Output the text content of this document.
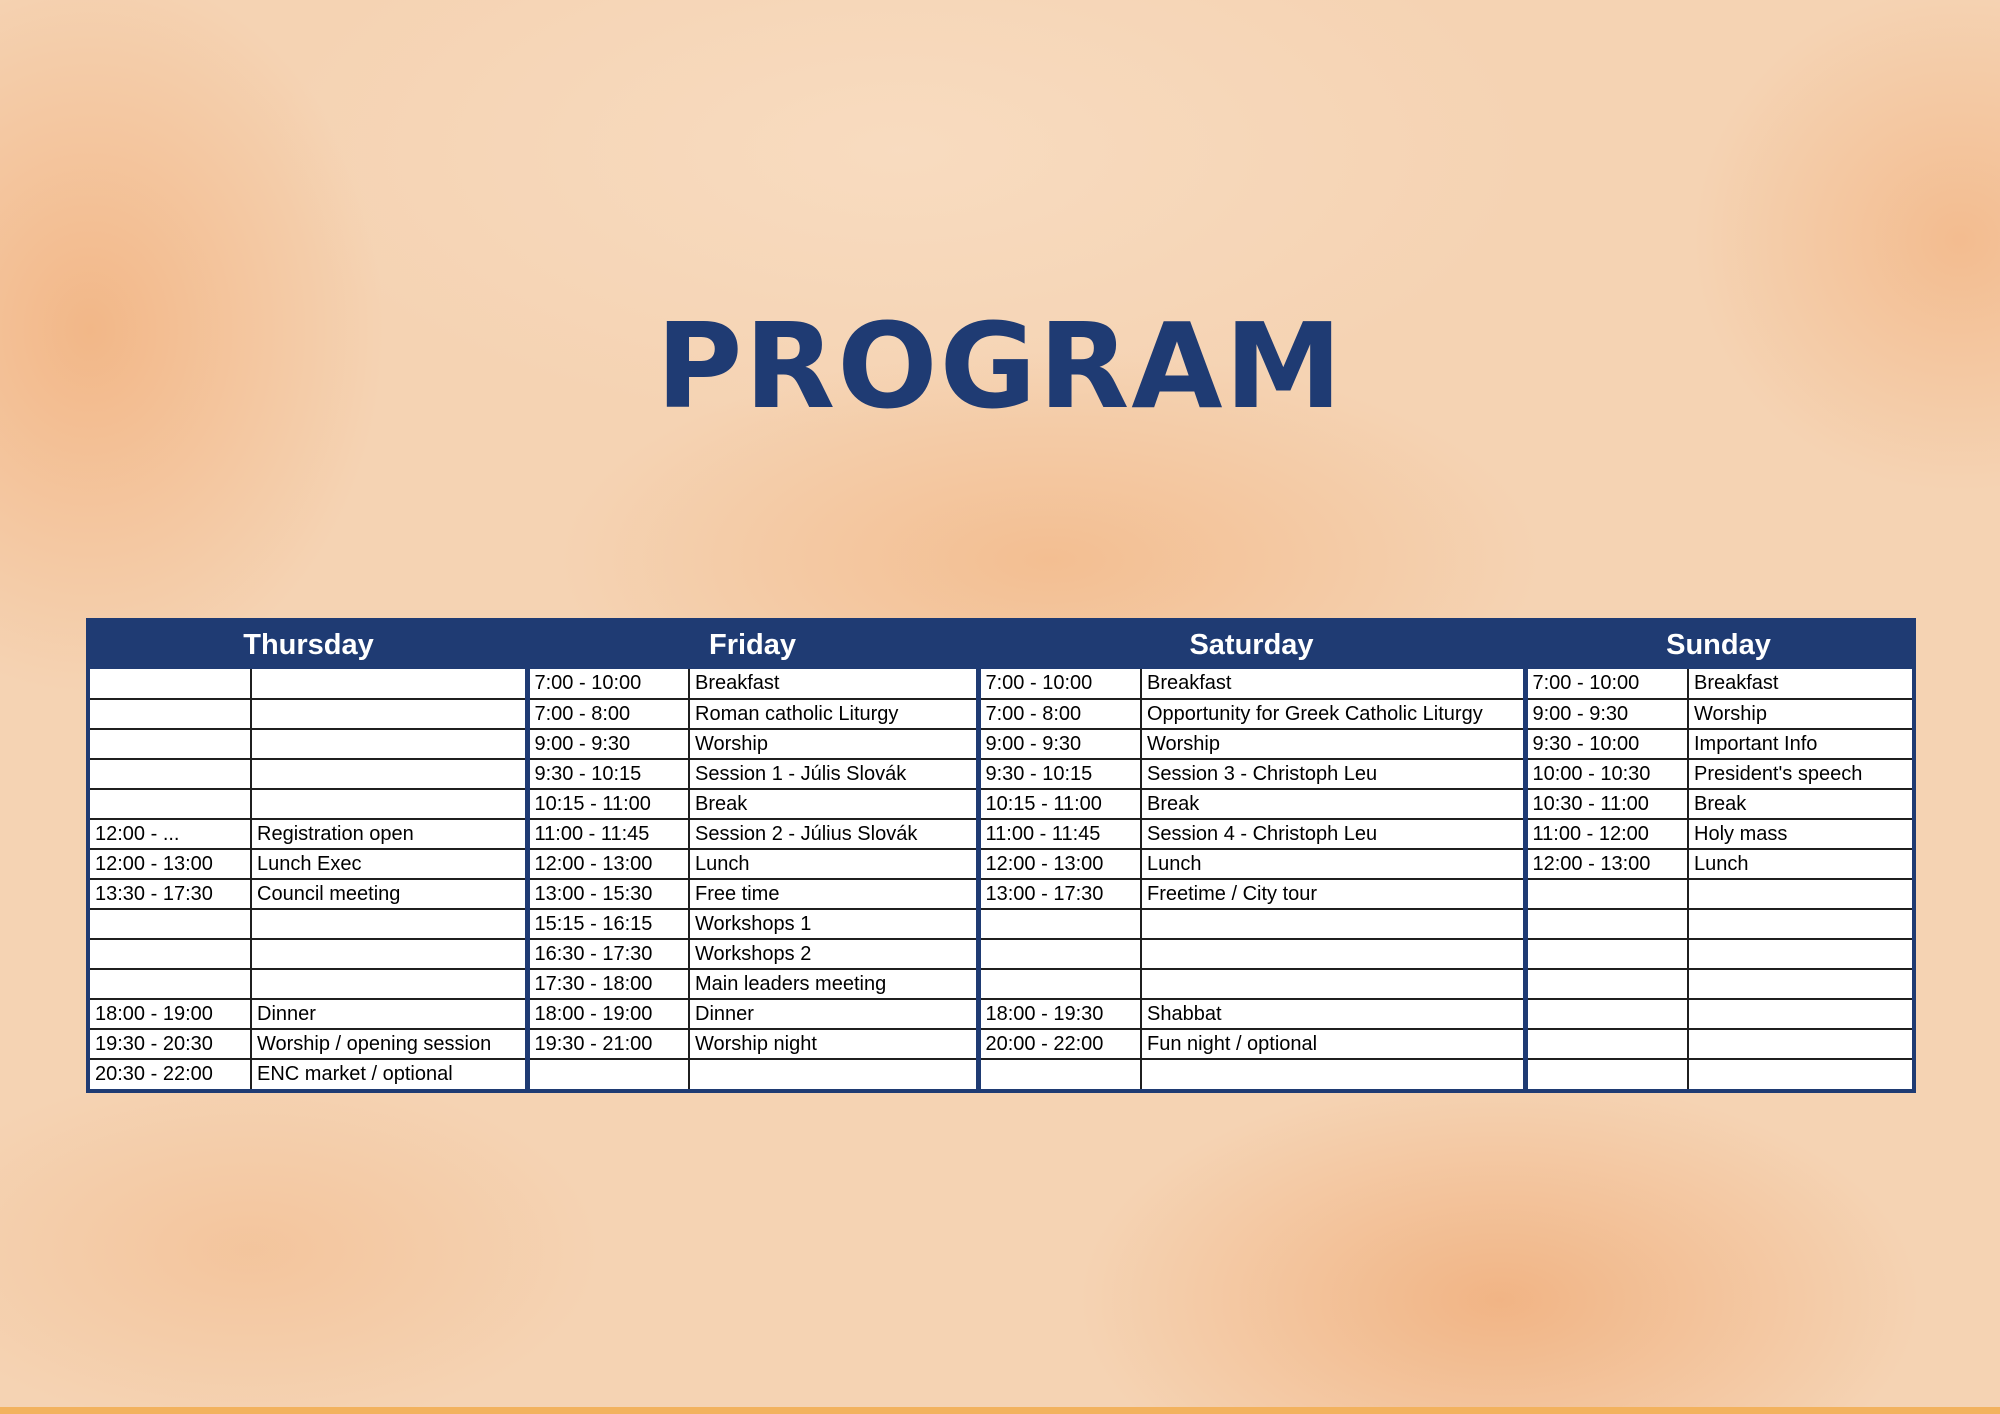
PROGRAM
Thursday	Friday	Saturday	Sunday
		7:00 - 10:00	Breakfast	7:00 - 10:00	Breakfast	7:00 - 10:00	Breakfast
		7:00 - 8:00	Roman catholic Liturgy	7:00 - 8:00	Opportunity for Greek Catholic Liturgy	9:00 - 9:30	Worship
		9:00 - 9:30	Worship	9:00 - 9:30	Worship	9:30 - 10:00	Important Info
		9:30 - 10:15	Session 1 - Júlis Slovák	9:30 - 10:15	Session 3 - Christoph Leu	10:00 - 10:30	President's speech
		10:15 - 11:00	Break	10:15 - 11:00	Break	10:30 - 11:00	Break
12:00 - ...	Registration open	11:00 - 11:45	Session 2 - Július Slovák	11:00 - 11:45	Session 4 - Christoph Leu	11:00 - 12:00	Holy mass
12:00 - 13:00	Lunch Exec	12:00 - 13:00	Lunch	12:00 - 13:00	Lunch	12:00 - 13:00	Lunch
13:30 - 17:30	Council meeting	13:00 - 15:30	Free time	13:00 - 17:30	Freetime / City tour		
		15:15 - 16:15	Workshops 1				
		16:30 - 17:30	Workshops 2				
		17:30 - 18:00	Main leaders meeting				
18:00 - 19:00	Dinner	18:00 - 19:00	Dinner	18:00 - 19:30	Shabbat		
19:30 - 20:30	Worship / opening session	19:30 - 21:00	Worship night	20:00 - 22:00	Fun night / optional		
20:30 - 22:00	ENC market / optional						
